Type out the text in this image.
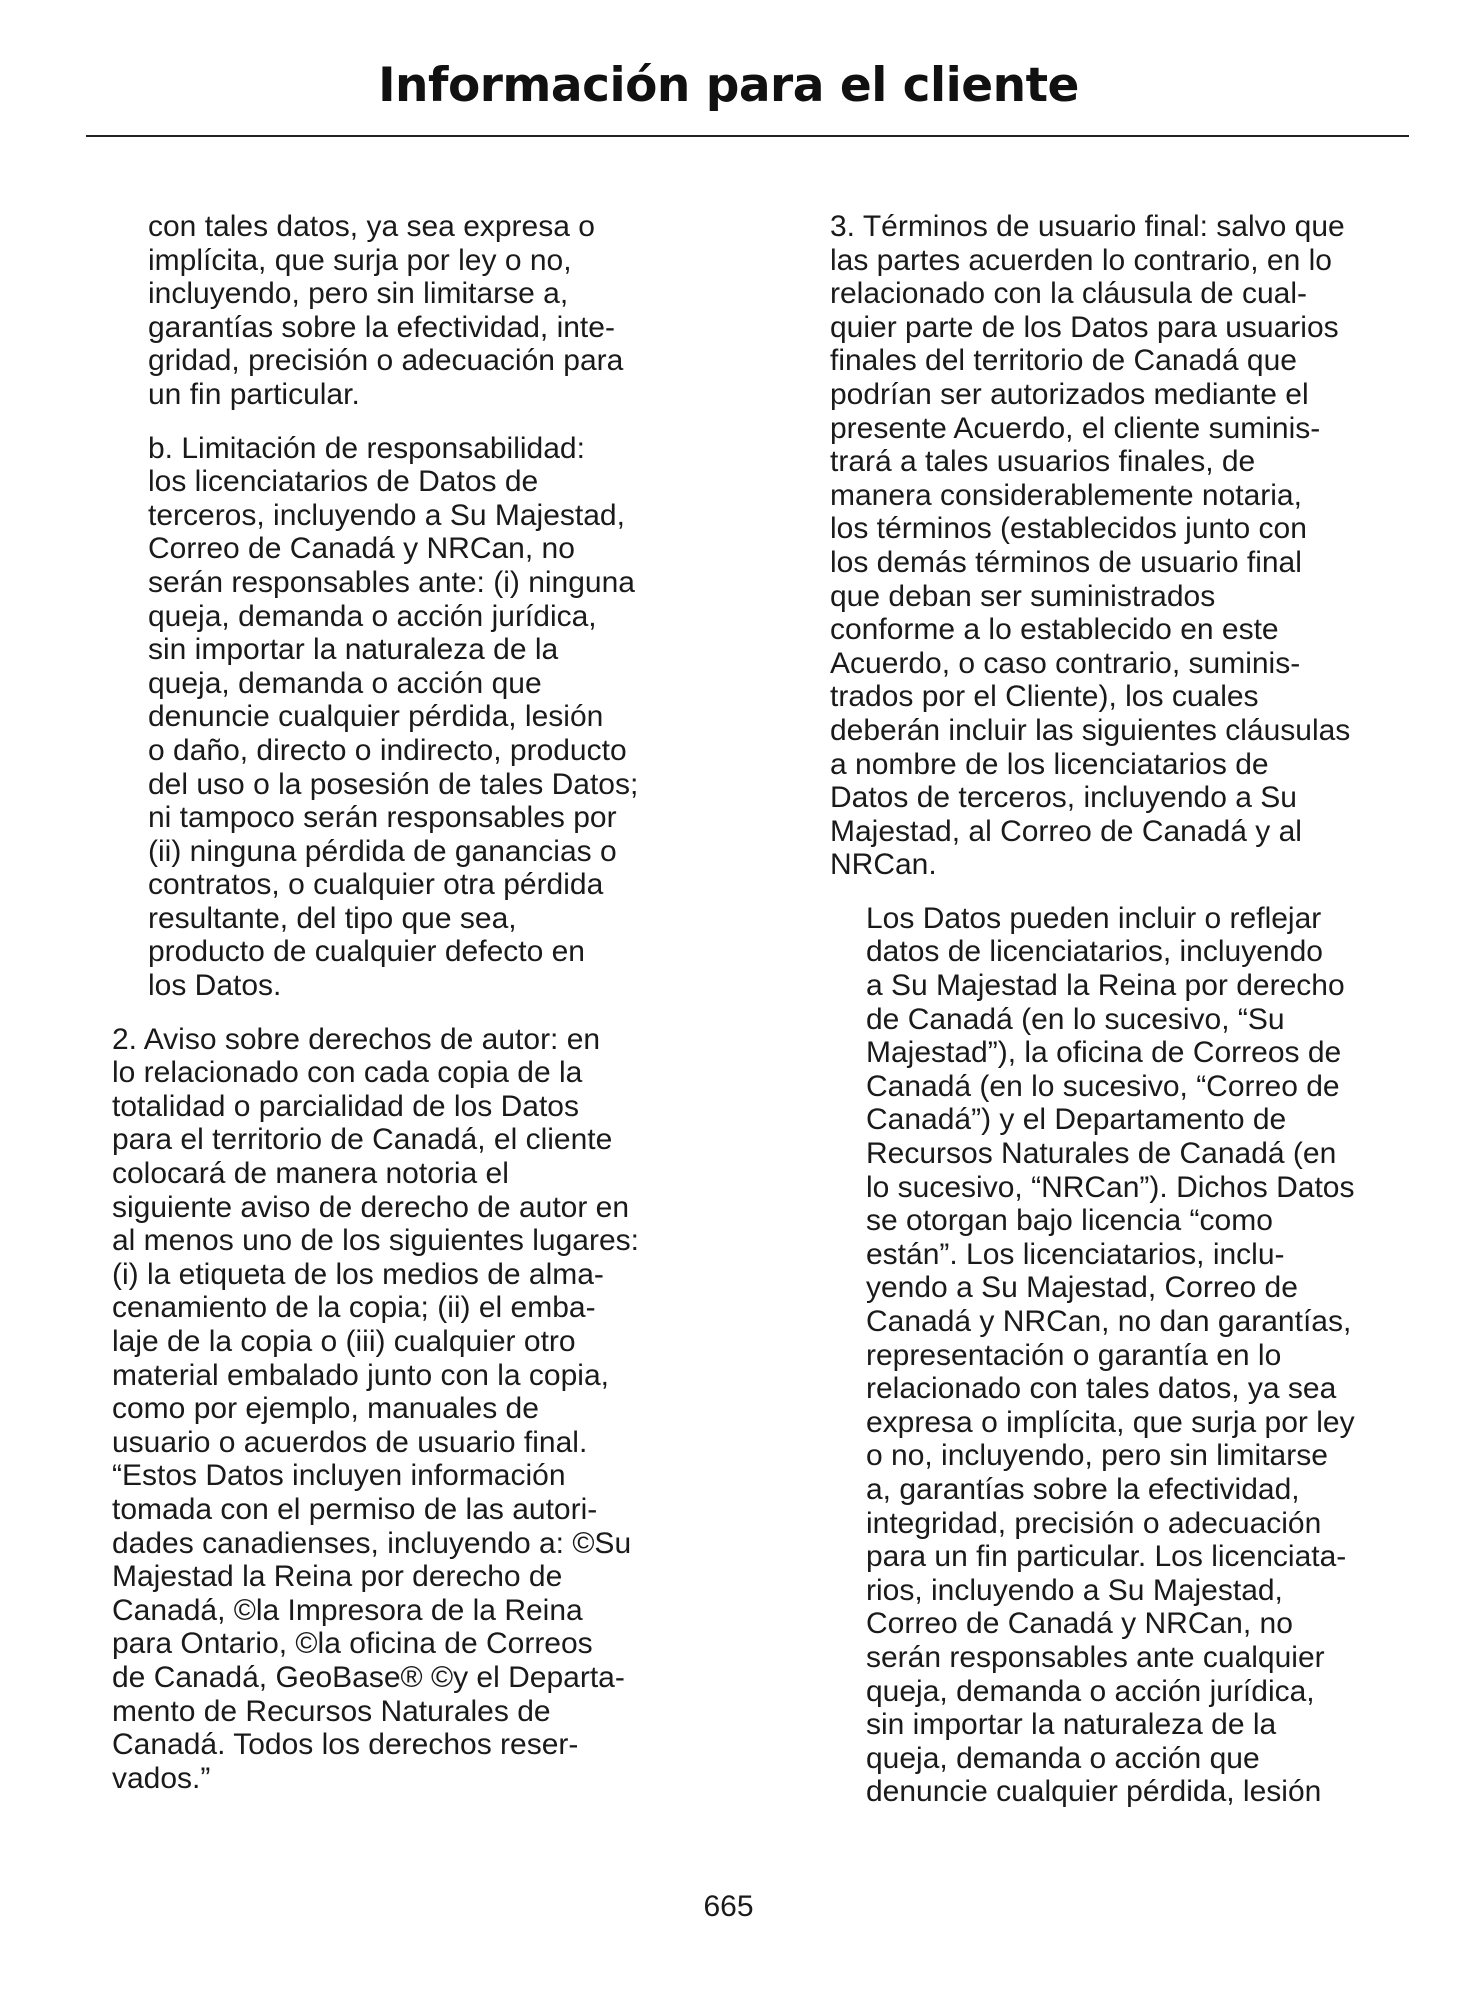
Información para el cliente

con tales datos, ya sea expresa o
implícita, que surja por ley o no,
incluyendo, pero sin limitarse a,
garantías sobre la efectividad, inte-
gridad, precisión o adecuación para
un fin particular.

b. Limitación de responsabilidad:
los licenciatarios de Datos de
terceros, incluyendo a Su Majestad,
Correo de Canadá y NRCan, no
serán responsables ante: (i) ninguna
queja, demanda o acción jurídica,
sin importar la naturaleza de la
queja, demanda o acción que
denuncie cualquier pérdida, lesión
o daño, directo o indirecto, producto
del uso o la posesión de tales Datos;
ni tampoco serán responsables por
(ii) ninguna pérdida de ganancias o
contratos, o cualquier otra pérdida
resultante, del tipo que sea,
producto de cualquier defecto en
los Datos.

2. Aviso sobre derechos de autor: en
lo relacionado con cada copia de la
totalidad o parcialidad de los Datos
para el territorio de Canadá, el cliente
colocará de manera notoria el
siguiente aviso de derecho de autor en
al menos uno de los siguientes lugares:
(i) la etiqueta de los medios de alma-
cenamiento de la copia; (ii) el emba-
laje de la copia o (iii) cualquier otro
material embalado junto con la copia,
como por ejemplo, manuales de
usuario o acuerdos de usuario final.
“Estos Datos incluyen información
tomada con el permiso de las autori-
dades canadienses, incluyendo a: ©Su
Majestad la Reina por derecho de
Canadá, ©la Impresora de la Reina
para Ontario, ©la oficina de Correos
de Canadá, GeoBase® ©y el Departa-
mento de Recursos Naturales de
Canadá. Todos los derechos reser-
vados.”

3. Términos de usuario final: salvo que
las partes acuerden lo contrario, en lo
relacionado con la cláusula de cual-
quier parte de los Datos para usuarios
finales del territorio de Canadá que
podrían ser autorizados mediante el
presente Acuerdo, el cliente suminis-
trará a tales usuarios finales, de
manera considerablemente notaria,
los términos (establecidos junto con
los demás términos de usuario final
que deban ser suministrados
conforme a lo establecido en este
Acuerdo, o caso contrario, suminis-
trados por el Cliente), los cuales
deberán incluir las siguientes cláusulas
a nombre de los licenciatarios de
Datos de terceros, incluyendo a Su
Majestad, al Correo de Canadá y al
NRCan.

Los Datos pueden incluir o reflejar
datos de licenciatarios, incluyendo
a Su Majestad la Reina por derecho
de Canadá (en lo sucesivo, “Su
Majestad”), la oficina de Correos de
Canadá (en lo sucesivo, “Correo de
Canadá”) y el Departamento de
Recursos Naturales de Canadá (en
lo sucesivo, “NRCan”). Dichos Datos
se otorgan bajo licencia “como
están”. Los licenciatarios, inclu-
yendo a Su Majestad, Correo de
Canadá y NRCan, no dan garantías,
representación o garantía en lo
relacionado con tales datos, ya sea
expresa o implícita, que surja por ley
o no, incluyendo, pero sin limitarse
a, garantías sobre la efectividad,
integridad, precisión o adecuación
para un fin particular. Los licenciata-
rios, incluyendo a Su Majestad,
Correo de Canadá y NRCan, no
serán responsables ante cualquier
queja, demanda o acción jurídica,
sin importar la naturaleza de la
queja, demanda o acción que
denuncie cualquier pérdida, lesión

665
